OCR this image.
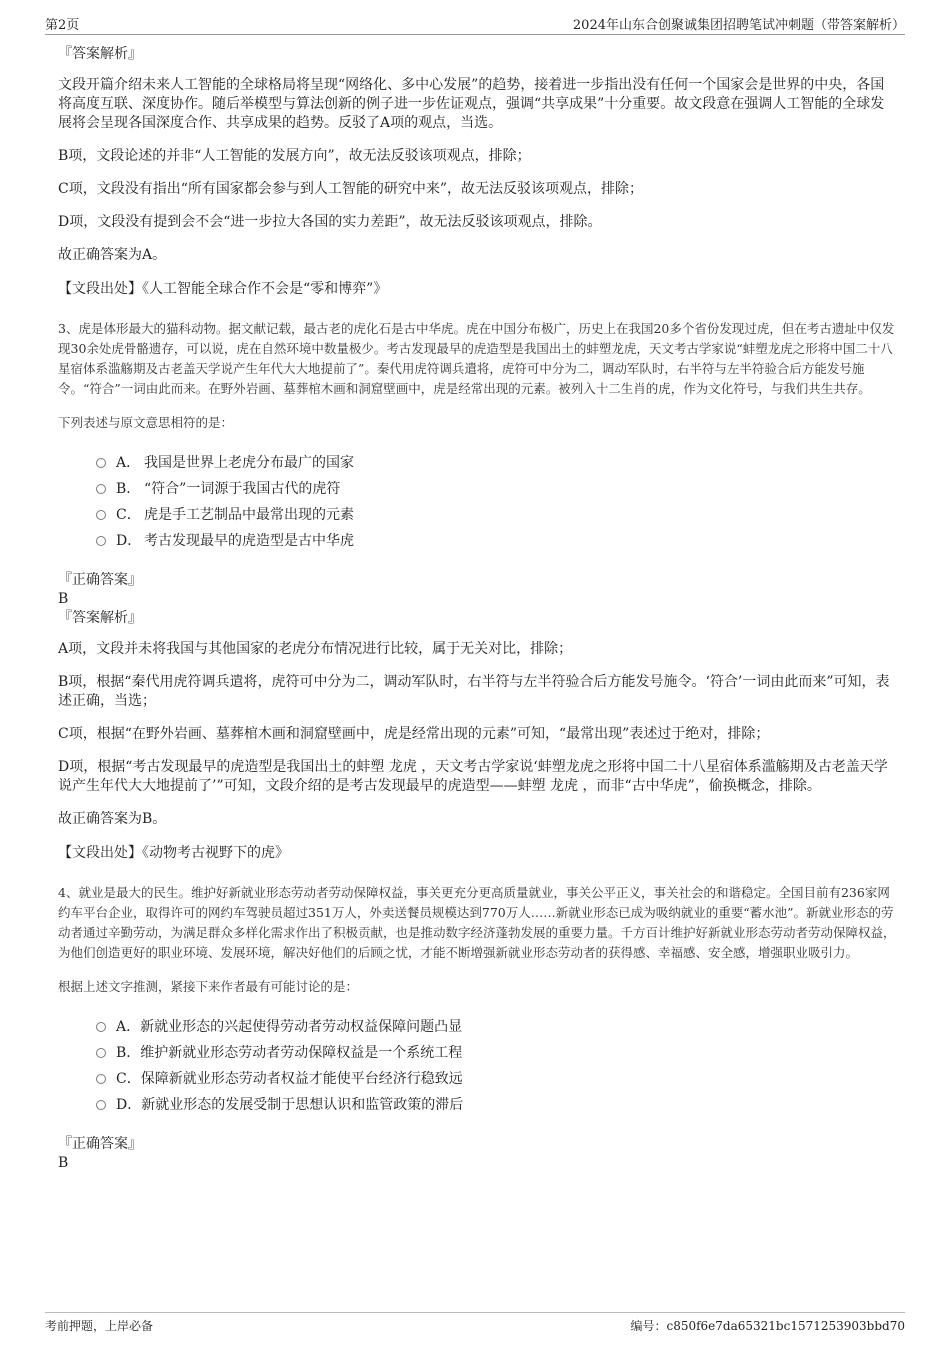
第2页	2024年山东合创聚诚集团招聘笔试冲刺题（带答案解析）
『答案解析』
文段开篇介绍未来人工智能的全球格局将呈现“网络化、多中心发展”的趋势，接着进一步指出没有任何一个国家会是世界的中央，各国将高度互联、深度协作。随后举模型与算法创新的例子进一步佐证观点，强调“共享成果”十分重要。故文段意在强调人工智能的全球发展将会呈现各国深度合作、共享成果的趋势。反驳了A项的观点，当选。
B项，文段论述的并非“人工智能的发展方向”，故无法反驳该项观点，排除；
C项，文段没有指出“所有国家都会参与到人工智能的研究中来”，故无法反驳该项观点，排除；
D项，文段没有提到会不会“进一步拉大各国的实力差距”，故无法反驳该项观点，排除。
故正确答案为A。
【文段出处】《人工智能全球合作不会是“零和博弈”》
3、虎是体形最大的猫科动物。据文献记载，最古老的虎化石是古中华虎。虎在中国分布极广，历史上在我国20多个省份发现过虎，但在考古遗址中仅发现30余处虎骨骼遗存，可以说，虎在自然环境中数量极少。考古发现最早的虎造型是我国出土的蚌塑龙虎，天文考古学家说“蚌塑龙虎之形将中国二十八星宿体系滥觞期及古老盖天学说产生年代大大地提前了”。秦代用虎符调兵遣将，虎符可中分为二，调动军队时，右半符与左半符验合后方能发号施令。“符合”一词由此而来。在野外岩画、墓葬棺木画和洞窟壁画中，虎是经常出现的元素。被列入十二生肖的虎，作为文化符号，与我们共生共存。
下列表述与原文意思相符的是：
A． 我国是世界上老虎分布最广的国家
B． “符合”一词源于我国古代的虎符
C． 虎是手工艺制品中最常出现的元素
D． 考古发现最早的虎造型是古中华虎
『正确答案』
B
『答案解析』
A项，文段并未将我国与其他国家的老虎分布情况进行比较，属于无关对比，排除；
B项，根据“秦代用虎符调兵遣将，虎符可中分为二，调动军队时，右半符与左半符验合后方能发号施令。‘符合’一词由此而来”可知，表述正确，当选；
C项，根据“在野外岩画、墓葬棺木画和洞窟壁画中，虎是经常出现的元素”可知，“最常出现”表述过于绝对，排除；
D项，根据“考古发现最早的虎造型是我国出土的蚌塑 龙虎 ，天文考古学家说‘蚌塑龙虎之形将中国二十八星宿体系滥觞期及古老盖天学说产生年代大大地提前了’”可知，文段介绍的是考古发现最早的虎造型——蚌塑 龙虎 ，而非“古中华虎”，偷换概念，排除。
故正确答案为B。
【文段出处】《动物考古视野下的虎》
4、就业是最大的民生。维护好新就业形态劳动者劳动保障权益，事关更充分更高质量就业，事关公平正义，事关社会的和谐稳定。全国目前有236家网约车平台企业，取得许可的网约车驾驶员超过351万人，外卖送餐员规模达到770万人……新就业形态已成为吸纳就业的重要“蓄水池”。新就业形态的劳动者通过辛勤劳动，为满足群众多样化需求作出了积极贡献，也是推动数字经济蓬勃发展的重要力量。千方百计维护好新就业形态劳动者劳动保障权益，为他们创造更好的职业环境、发展环境，解决好他们的后顾之忧，才能不断增强新就业形态劳动者的获得感、幸福感、安全感，增强职业吸引力。
根据上述文字推测，紧接下来作者最有可能讨论的是：
A．新就业形态的兴起使得劳动者劳动权益保障问题凸显
B．维护新就业形态劳动者劳动保障权益是一个系统工程
C．保障新就业形态劳动者权益才能使平台经济行稳致远
D．新就业形态的发展受制于思想认识和监管政策的滞后
『正确答案』
B
考前押题，上岸必备	编号：c850f6e7da65321bc1571253903bbd70
